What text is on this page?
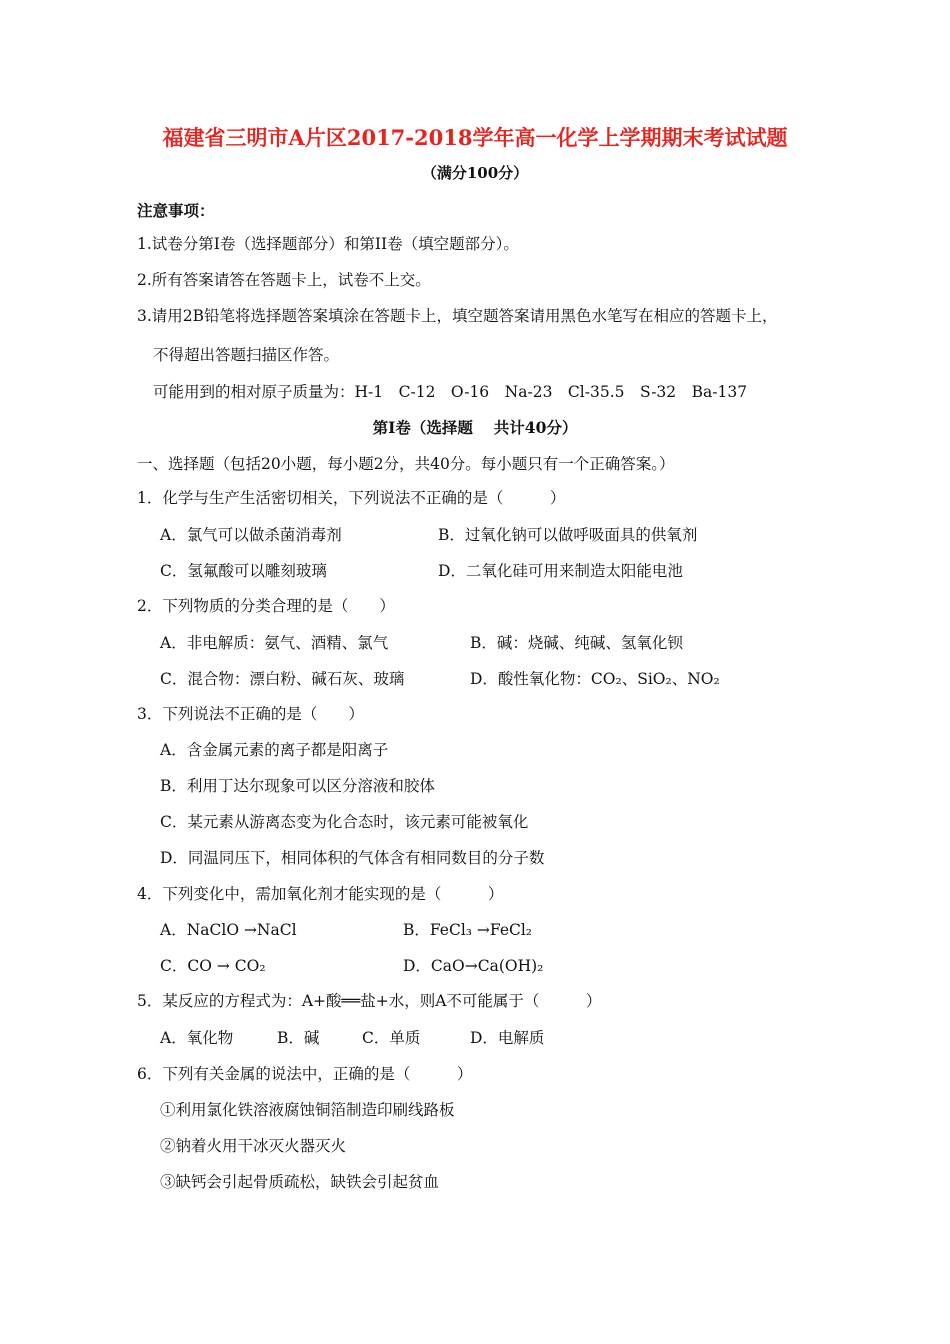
福建省三明市A片区2017-2018学年高一化学上学期期末考试试题
（满分100分）
注意事项：
1.试卷分第Ⅰ卷（选择题部分）和第II卷（填空题部分）。
2.所有答案请答在答题卡上，试卷不上交。
3.请用2B铅笔将选择题答案填涂在答题卡上，填空题答案请用黑色水笔写在相应的答题卡上，
不得超出答题扫描区作答。
可能用到的相对原子质量为：H-1　C-12　O-16　Na-23　Cl-35.5　S-32　Ba-137
第Ⅰ卷（选择题　 共计40分）
一、选择题（包括20小题，每小题2分，共40分。每小题只有一个正确答案。）
1．化学与生产生活密切相关，下列说法不正确的是（　　　）
A．氯气可以做杀菌消毒剂	B．过氧化钠可以做呼吸面具的供氧剂
C．氢氟酸可以雕刻玻璃	D．二氧化硅可用来制造太阳能电池
2．下列物质的分类合理的是（　　）
A．非电解质：氨气、酒精、氯气	B．碱：烧碱、纯碱、氢氧化钡
C．混合物：漂白粉、碱石灰、玻璃	D．酸性氧化物：CO₂、SiO₂、NO₂
3．下列说法不正确的是（　　）
A．含金属元素的离子都是阳离子
B．利用丁达尔现象可以区分溶液和胶体
C．某元素从游离态变为化合态时，该元素可能被氧化
D．同温同压下，相同体积的气体含有相同数目的分子数
4．下列变化中，需加氧化剂才能实现的是（　　　）
A．NaClO →NaCl	B．FeCl₃ →FeCl₂
C．CO → CO₂	D．CaO→Ca(OH)₂
5．某反应的方程式为：A+酸══盐+水，则A不可能属于（　　　）
A．氧化物	B．碱	C．单质	D．电解质
6．下列有关金属的说法中，正确的是（　　　）
①利用氯化铁溶液腐蚀铜箔制造印刷线路板
②钠着火用干冰灭火器灭火
③缺钙会引起骨质疏松，缺铁会引起贫血
